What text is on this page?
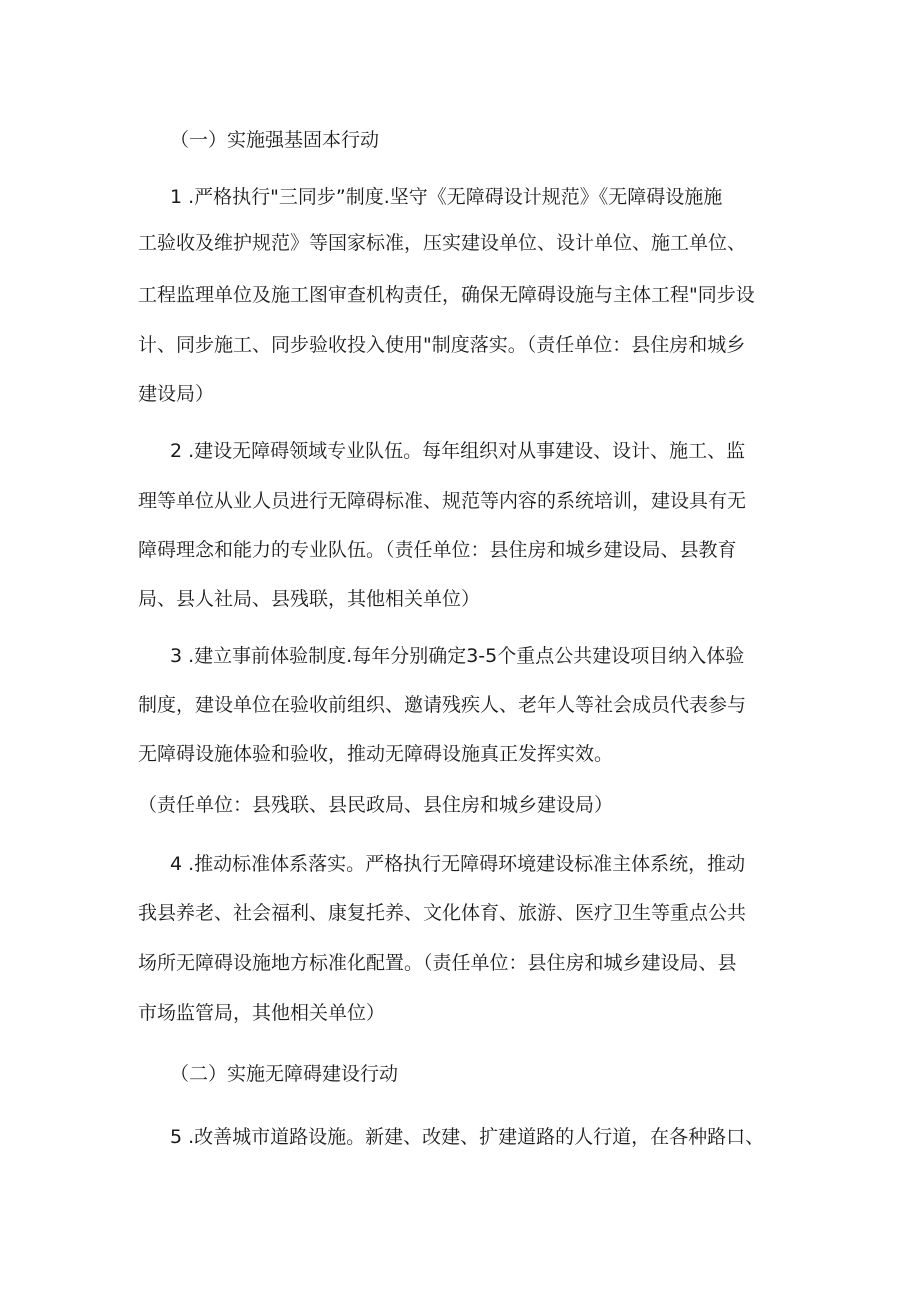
（一）实施强基固本行动
1 .严格执行"三同步”制度.坚守《无障碍设计规范》《无障碍设施施
工验收及维护规范》等国家标准，压实建设单位、设计单位、施工单位、
工程监理单位及施工图审查机构责任，确保无障碍设施与主体工程"同步设
计、同步施工、同步验收投入使用"制度落实。（责任单位：县住房和城乡
建设局）
2 .建设无障碍领域专业队伍。每年组织对从事建设、设计、施工、监
理等单位从业人员进行无障碍标准、规范等内容的系统培训，建设具有无
障碍理念和能力的专业队伍。（责任单位：县住房和城乡建设局、县教育
局、县人社局、县残联，其他相关单位）
3 .建立事前体验制度.每年分别确定3-5个重点公共建设项目纳入体验
制度，建设单位在验收前组织、邀请残疾人、老年人等社会成员代表参与
无障碍设施体验和验收，推动无障碍设施真正发挥实效。
（责任单位：县残联、县民政局、县住房和城乡建设局）
4 .推动标准体系落实。严格执行无障碍环境建设标准主体系统，推动
我县养老、社会福利、康复托养、文化体育、旅游、医疗卫生等重点公共
场所无障碍设施地方标准化配置。（责任单位：县住房和城乡建设局、县
市场监管局，其他相关单位）
（二）实施无障碍建设行动
5 .改善城市道路设施。新建、改建、扩建道路的人行道，在各种路口、
